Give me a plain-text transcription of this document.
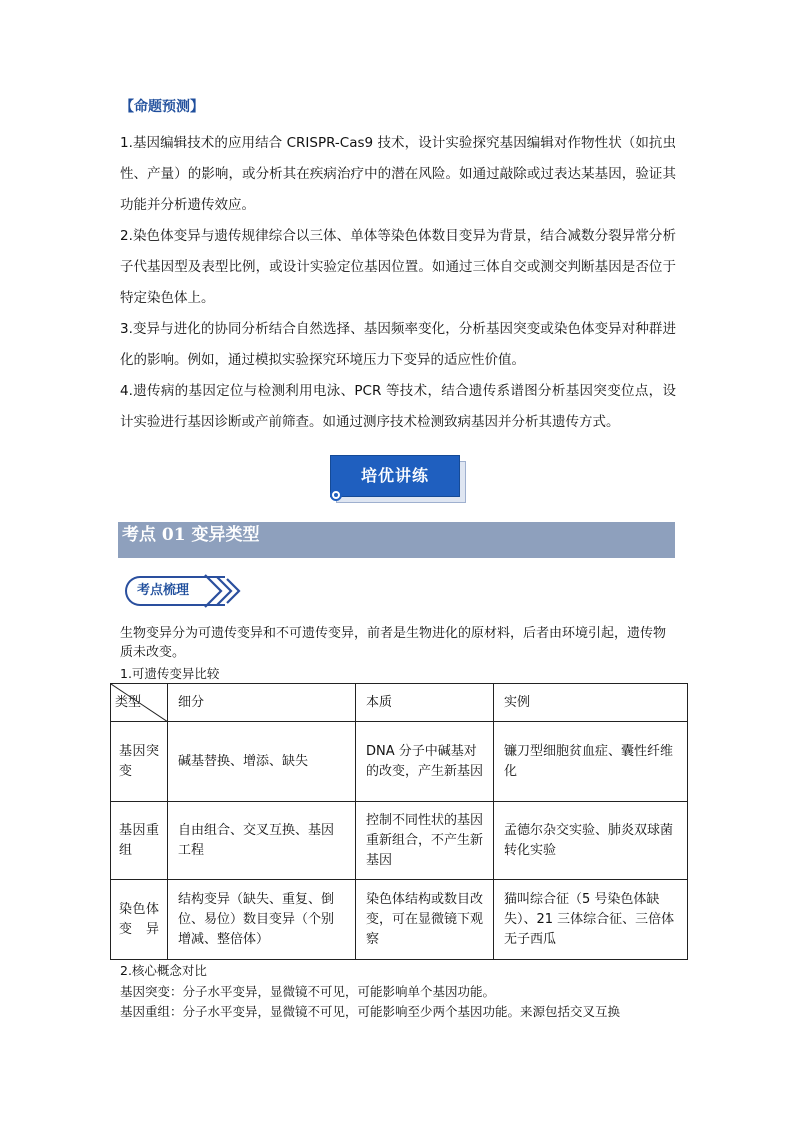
【命题预测】
1.基因编辑技术的应用结合 CRISPR-Cas9 技术，设计实验探究基因编辑对作物性状（如抗虫性、产量）的影响，或分析其在疾病治疗中的潜在风险。如通过敲除或过表达某基因，验证其功能并分析遗传效应。
2.染色体变异与遗传规律综合以三体、单体等染色体数目变异为背景，结合减数分裂异常分析子代基因型及表型比例，或设计实验定位基因位置。如通过三体自交或测交判断基因是否位于特定染色体上。
3.变异与进化的协同分析结合自然选择、基因频率变化，分析基因突变或染色体变异对种群进化的影响。例如，通过模拟实验探究环境压力下变异的适应性价值。
4.遗传病的基因定位与检测利用电泳、PCR 等技术，结合遗传系谱图分析基因突变位点，设计实验进行基因诊断或产前筛查。如通过测序技术检测致病基因并分析其遗传方式。
培优讲练
考点 01 变异类型
考点梳理
生物变异分为可遗传变异和不可遗传变异，前者是生物进化的原材料，后者由环境引起，遗传物质未改变。
1.可遗传变异比较
类型	细分	本质	实例
基因突变	碱基替换、增添、缺失	DNA 分子中碱基对的改变，产生新基因	镰刀型细胞贫血症、囊性纤维化
基因重组	自由组合、交叉互换、基因工程	控制不同性状的基因重新组合，不产生新基因	孟德尔杂交实验、肺炎双球菌转化实验
染色体变异	结构变异（缺失、重复、倒位、易位）数目变异（个别增减、整倍体）	染色体结构或数目改变，可在显微镜下观察	猫叫综合征（5 号染色体缺失）、21 三体综合征、三倍体无子西瓜
2.核心概念对比
基因突变：分子水平变异，显微镜不可见，可能影响单个基因功能。
基因重组：分子水平变异，显微镜不可见，可能影响至少两个基因功能。来源包括交叉互换
